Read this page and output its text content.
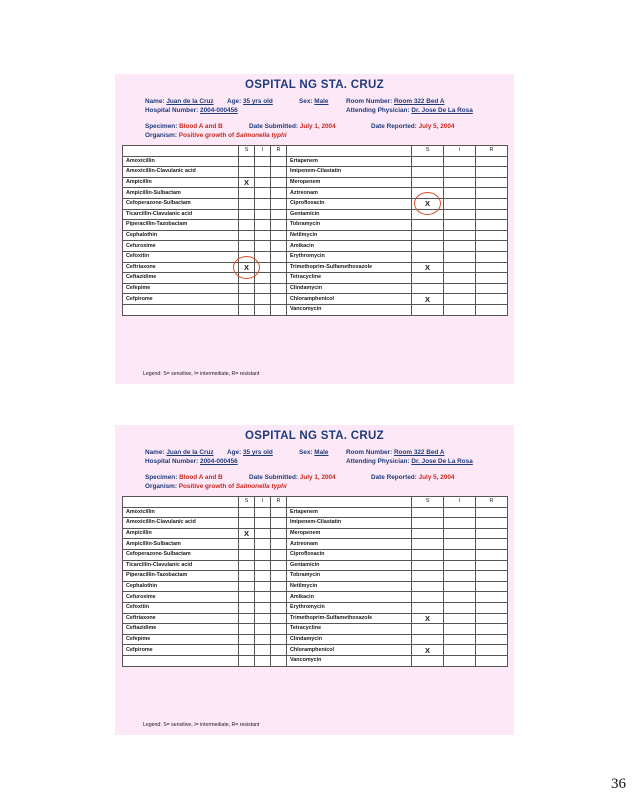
36
OSPITAL NG STA. CRUZ
Name: Juan de la Cruz Age: 35 yrs old	Sex: Male	Room Number: Room 322 Bed A
Hospital Number: 2004-000456	Attending Physician: Dr. Jose De La Rosa
Specimen: Blood A and B	Date Submitted: July 1, 2004	Date Reported: July 5, 2004
Organism: Positive growth of Salmonella typhi
	S	I	R		S	I	R
Amoxicillin				Ertapenem			
Amoxicillin-Clavulanic acid				Imipenem-Cilastatin			
Ampicillin	X			Meropenem			
Ampicillin-Sulbactam				Aztreonam			
Cefoperazone-Sulbactam				Ciprofloxacin	X		
Ticarcillin-Clavulanic acid				Gentamicin			
Piperacillin-Tazobactam				Tobramycin			
Cephalothin				Netilmycin			
Cefuroxime				Amikacin			
Cefoxitin				Erythromycin			
Ceftriaxone	X			Trimethoprim-Sulfamethoxazole	X		
Ceftazidime				Tetracycline			
Cefepime				Clindamycin			
Cefpirome				Chloramphenicol	X		
				Vancomycin			
Legend: S= sensitive, I= intermediate, R= resistant
OSPITAL NG STA. CRUZ
Name: Juan de la Cruz Age: 35 yrs old	Sex: Male	Room Number: Room 322 Bed A
Hospital Number: 2004-000456	Attending Physician: Dr. Jose De La Rosa
Specimen: Blood A and B	Date Submitted: July 1, 2004	Date Reported: July 5, 2004
Organism: Positive growth of Salmonella typhi
	S	I	R		S	I	R
Amoxicillin				Ertapenem			
Amoxicillin-Clavulanic acid				Imipenem-Cilastatin			
Ampicillin	X			Meropenem			
Ampicillin-Sulbactam				Aztreonam			
Cefoperazone-Sulbactam				Ciprofloxacin			
Ticarcillin-Clavulanic acid				Gentamicin			
Piperacillin-Tazobactam				Tobramycin			
Cephalothin				Netilmycin			
Cefuroxime				Amikacin			
Cefoxitin				Erythromycin			
Ceftriaxone				Trimethoprim-Sulfamethoxazole	X		
Ceftazidime				Tetracycline			
Cefepime				Clindamycin			
Cefpirome				Chloramphenicol	X		
				Vancomycin			
Legend: S= sensitive, I= intermediate, R= resistant
